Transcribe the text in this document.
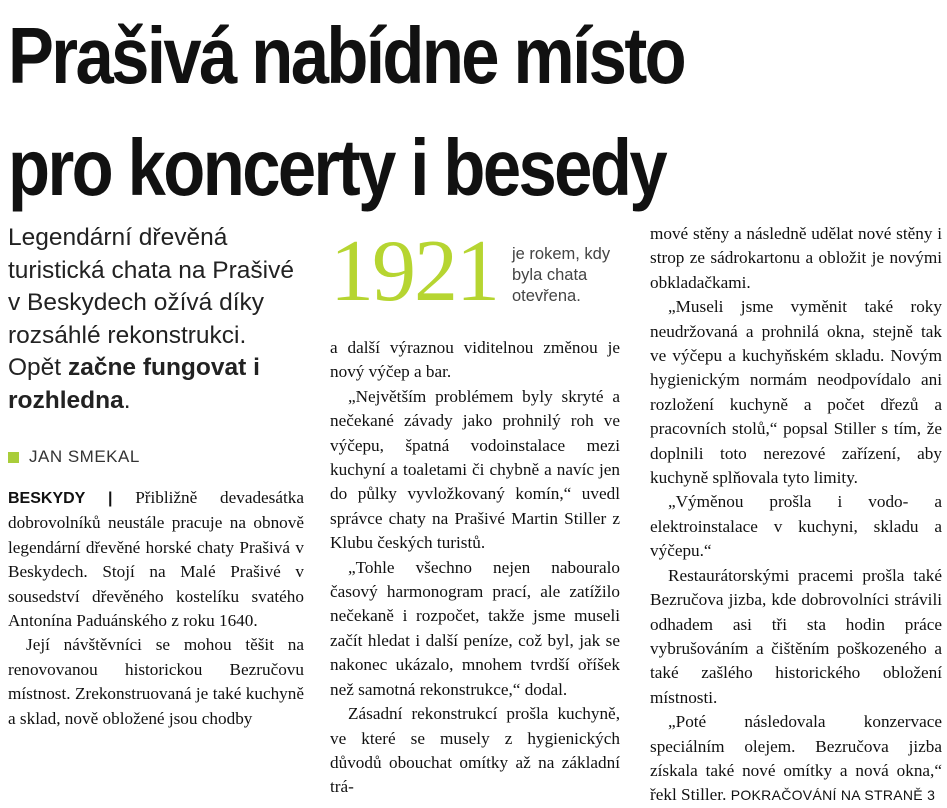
Prašivá nabídne místo
pro koncerty i besedy

Legendární dřevěná turistická chata na Prašivé v Beskydech ožívá díky rozsáhlé rekonstrukci. Opět začne fungovat i rozhledna.

JAN SMEKAL

BESKYDY | Přibližně devadesátka dobrovolníků neustále pracuje na obnově legendární dřevěné horské chaty Prašivá v Beskydech. Stojí na Malé Prašivé v sousedství dřevěného kostelíku svatého Antonína Paduánského z roku 1640.

Její návštěvníci se mohou těšit na renovovanou historickou Bezručovu místnost. Zrekonstruovaná je také kuchyně a sklad, nově obložené jsou chodby

1921 je rokem, kdy byla chata otevřena.

a další výraznou viditelnou změnou je nový výčep a bar.

„Největším problémem byly skryté a nečekané závady jako prohnilý roh ve výčepu, špatná vodoinstalace mezi kuchyní a toaletami či chybně a navíc jen do půlky vyvložkovaný komín,“ uvedl správce chaty na Prašivé Martin Stiller z Klubu českých turistů.

„Tohle všechno nejen nabouralo časový harmonogram prací, ale zatížilo nečekaně i rozpočet, takže jsme museli začít hledat i další peníze, což byl, jak se nakonec ukázalo, mnohem tvrdší oříšek než samotná rekonstrukce,“ dodal.

Zásadní rekonstrukcí prošla kuchyně, ve které se musely z hygienických důvodů obouchat omítky až na základní trá-

mové stěny a následně udělat nové stěny i strop ze sádrokartonu a obložit je novými obkladačkami.

„Museli jsme vyměnit také roky neudržovaná a prohnilá okna, stejně tak ve výčepu a kuchyňském skladu. Novým hygienickým normám neodpovídalo ani rozložení kuchyně a počet dřezů a pracovních stolů,“ popsal Stiller s tím, že doplnili toto nerezové zařízení, aby kuchyně splňovala tyto limity.

„Výměnou prošla i vodo- a elektroinstalace v kuchyni, skladu a výčepu.“

Restaurátorskými pracemi prošla také Bezručova jizba, kde dobrovolníci strávili odhadem asi tři sta hodin práce vybrušováním a čištěním poškozeného a také zašlého historického obložení místnosti.

„Poté následovala konzervace speciálním olejem. Bezručova jizba získala také nové omítky a nová okna,“ řekl Stiller. POKRAČOVÁNÍ NA STRANĚ 3
